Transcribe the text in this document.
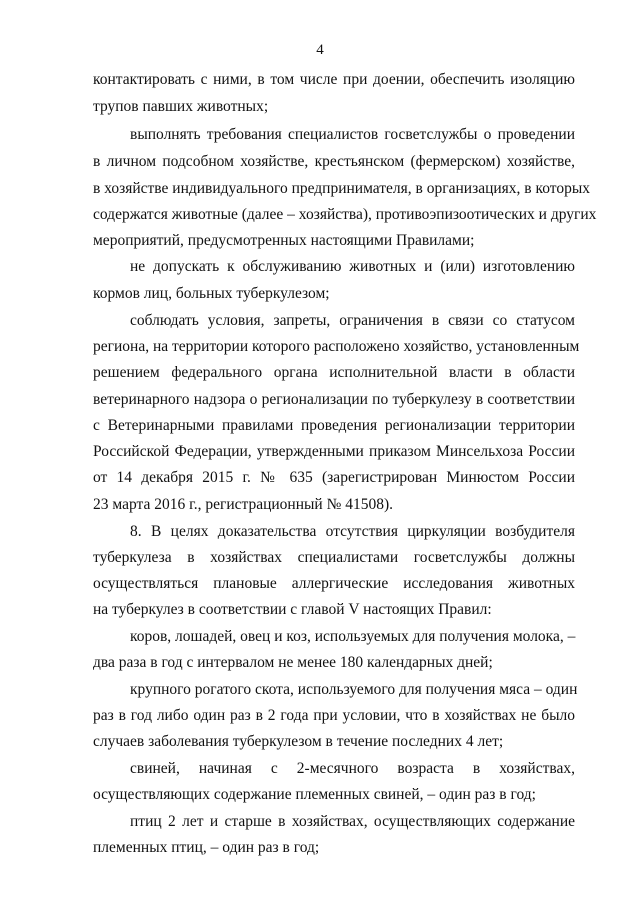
4
контактировать с ними, в том числе при доении, обеспечить изоляцию
трупов павших животных;
выполнять требования специалистов госветслужбы о проведении
в личном подсобном хозяйстве, крестьянском (фермерском) хозяйстве,
в хозяйстве индивидуального предпринимателя, в организациях, в которых
содержатся животные (далее – хозяйства), противоэпизоотических и других
мероприятий, предусмотренных настоящими Правилами;
не допускать к обслуживанию животных и (или) изготовлению
кормов лиц, больных туберкулезом;
соблюдать условия, запреты, ограничения в связи со статусом
региона, на территории которого расположено хозяйство, установленным
решением федерального органа исполнительной власти в области
ветеринарного надзора о регионализации по туберкулезу в соответствии
с Ветеринарными правилами проведения регионализации территории
Российской Федерации, утвержденными приказом Минсельхоза России
от 14 декабря 2015 г. № 635 (зарегистрирован Минюстом России
23 марта 2016 г., регистрационный № 41508).
8. В целях доказательства отсутствия циркуляции возбудителя
туберкулеза в хозяйствах специалистами госветслужбы должны
осуществляться плановые аллергические исследования животных
на туберкулез в соответствии с главой V настоящих Правил:
коров, лошадей, овец и коз, используемых для получения молока, –
два раза в год с интервалом не менее 180 календарных дней;
крупного рогатого скота, используемого для получения мяса – один
раз в год либо один раз в 2 года при условии, что в хозяйствах не было
случаев заболевания туберкулезом в течение последних 4 лет;
свиней, начиная с 2-месячного возраста в хозяйствах,
осуществляющих содержание племенных свиней, – один раз в год;
птиц 2 лет и старше в хозяйствах, осуществляющих содержание
племенных птиц, – один раз в год;
